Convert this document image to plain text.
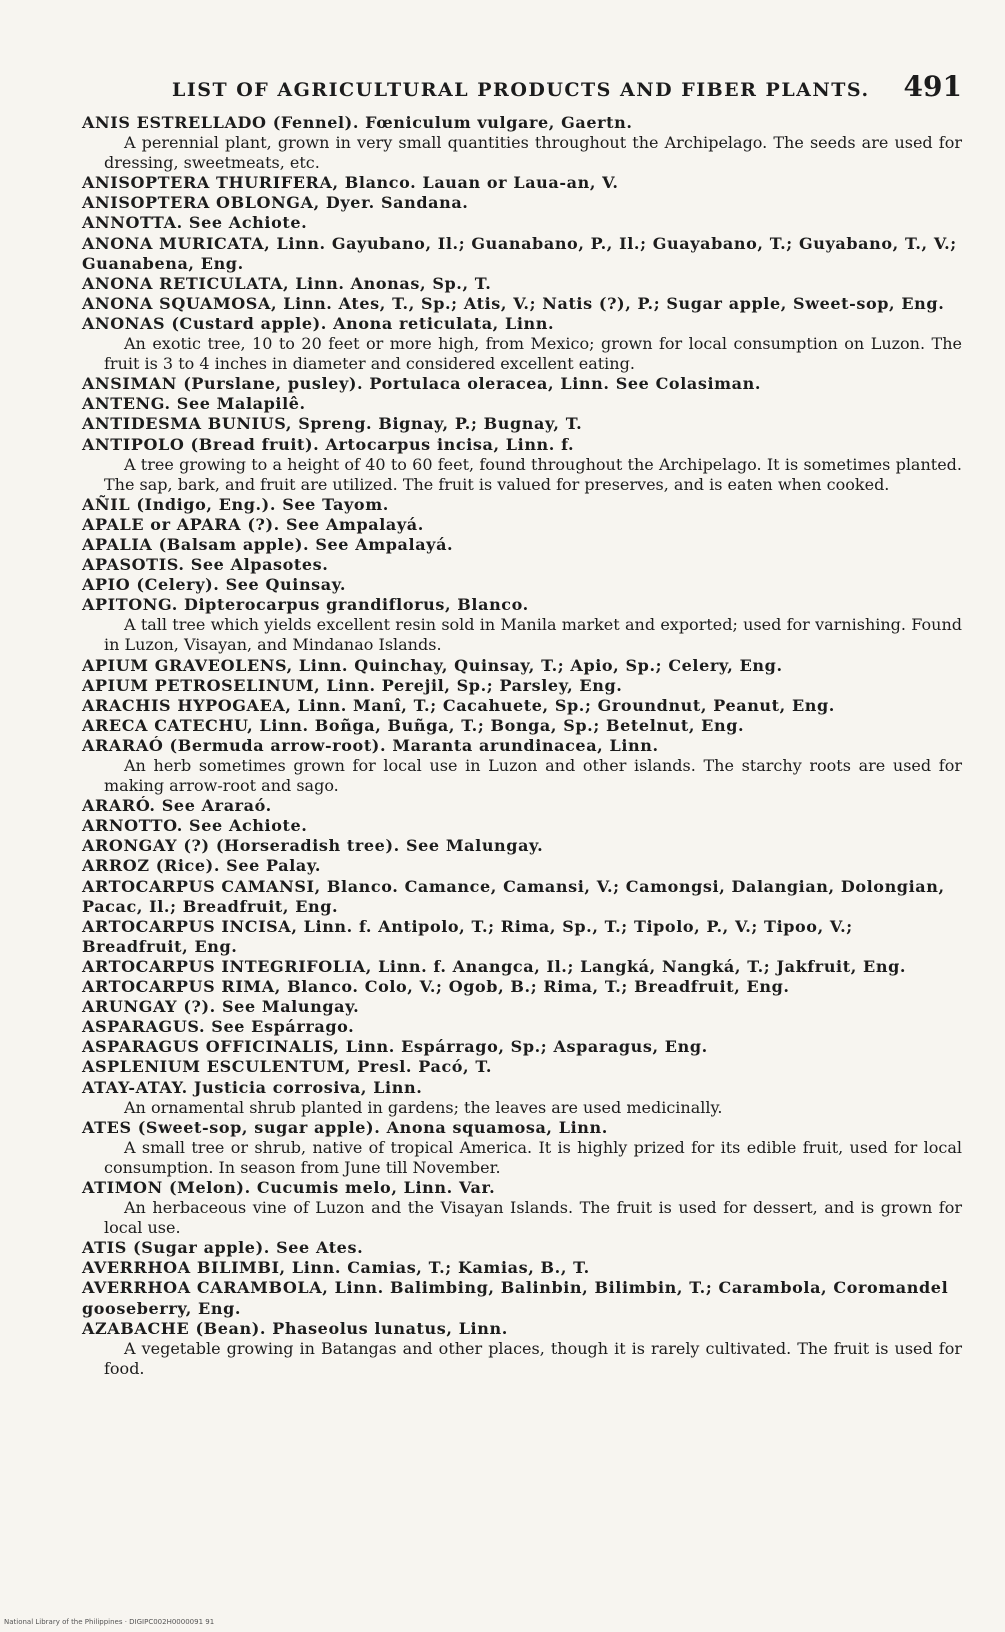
LIST OF AGRICULTURAL PRODUCTS AND FIBER PLANTS. 491

ANIS ESTRELLADO (Fennel). Fœniculum vulgare, Gaertn.

A perennial plant, grown in very small quantities throughout the Archipelago. The seeds are used for dressing, sweetmeats, etc.

ANISOPTERA THURIFERA, Blanco. Lauan or Laua-an, V.

ANISOPTERA OBLONGA, Dyer. Sandana.

ANNOTTA. See Achiote.

ANONA MURICATA, Linn. Gayubano, Il.; Guanabano, P., Il.; Guayabano, T.; Guyabano, T., V.; Guanabena, Eng.

ANONA RETICULATA, Linn. Anonas, Sp., T.

ANONA SQUAMOSA, Linn. Ates, T., Sp.; Atis, V.; Natis (?), P.; Sugar apple, Sweet-sop, Eng.

ANONAS (Custard apple). Anona reticulata, Linn.

An exotic tree, 10 to 20 feet or more high, from Mexico; grown for local consumption on Luzon. The fruit is 3 to 4 inches in diameter and considered excellent eating.

ANSIMAN (Purslane, pusley). Portulaca oleracea, Linn. See Colasiman.

ANTENG. See Malapilê.

ANTIDESMA BUNIUS, Spreng. Bignay, P.; Bugnay, T.

ANTIPOLO (Bread fruit). Artocarpus incisa, Linn. f.

A tree growing to a height of 40 to 60 feet, found throughout the Archipelago. It is sometimes planted. The sap, bark, and fruit are utilized. The fruit is valued for preserves, and is eaten when cooked.

AÑIL (Indigo, Eng.). See Tayom.

APALE or APARA (?). See Ampalayá.

APALIA (Balsam apple). See Ampalayá.

APASOTIS. See Alpasotes.

APIO (Celery). See Quinsay.

APITONG. Dipterocarpus grandiflorus, Blanco.

A tall tree which yields excellent resin sold in Manila market and exported; used for varnishing. Found in Luzon, Visayan, and Mindanao Islands.

APIUM GRAVEOLENS, Linn. Quinchay, Quinsay, T.; Apio, Sp.; Celery, Eng.

APIUM PETROSELINUM, Linn. Perejil, Sp.; Parsley, Eng.

ARACHIS HYPOGAEA, Linn. Manî, T.; Cacahuete, Sp.; Groundnut, Peanut, Eng.

ARECA CATECHU, Linn. Boñga, Buñga, T.; Bonga, Sp.; Betelnut, Eng.

ARARAÓ (Bermuda arrow-root). Maranta arundinacea, Linn.

An herb sometimes grown for local use in Luzon and other islands. The starchy roots are used for making arrow-root and sago.

ARARÓ. See Araraó.

ARNOTTO. See Achiote.

ARONGAY (?) (Horseradish tree). See Malungay.

ARROZ (Rice). See Palay.

ARTOCARPUS CAMANSI, Blanco. Camance, Camansi, V.; Camongsi, Dalangian, Dolongian, Pacac, Il.; Breadfruit, Eng.

ARTOCARPUS INCISA, Linn. f. Antipolo, T.; Rima, Sp., T.; Tipolo, P., V.; Tipoo, V.; Breadfruit, Eng.

ARTOCARPUS INTEGRIFOLIA, Linn. f. Anangca, Il.; Langká, Nangká, T.; Jakfruit, Eng.

ARTOCARPUS RIMA, Blanco. Colo, V.; Ogob, B.; Rima, T.; Breadfruit, Eng.

ARUNGAY (?). See Malungay.

ASPARAGUS. See Espárrago.

ASPARAGUS OFFICINALIS, Linn. Espárrago, Sp.; Asparagus, Eng.

ASPLENIUM ESCULENTUM, Presl. Pacó, T.

ATAY-ATAY. Justicia corrosiva, Linn.

An ornamental shrub planted in gardens; the leaves are used medicinally.

ATES (Sweet-sop, sugar apple). Anona squamosa, Linn.

A small tree or shrub, native of tropical America. It is highly prized for its edible fruit, used for local consumption. In season from June till November.

ATIMON (Melon). Cucumis melo, Linn. Var.

An herbaceous vine of Luzon and the Visayan Islands. The fruit is used for dessert, and is grown for local use.

ATIS (Sugar apple). See Ates.

AVERRHOA BILIMBI, Linn. Camias, T.; Kamias, B., T.

AVERRHOA CARAMBOLA, Linn. Balimbing, Balinbin, Bilimbin, T.; Carambola, Coromandel gooseberry, Eng.

AZABACHE (Bean). Phaseolus lunatus, Linn.

A vegetable growing in Batangas and other places, though it is rarely cultivated. The fruit is used for food.

National Library of the Philippines · DIGIPC002H0000091 91
